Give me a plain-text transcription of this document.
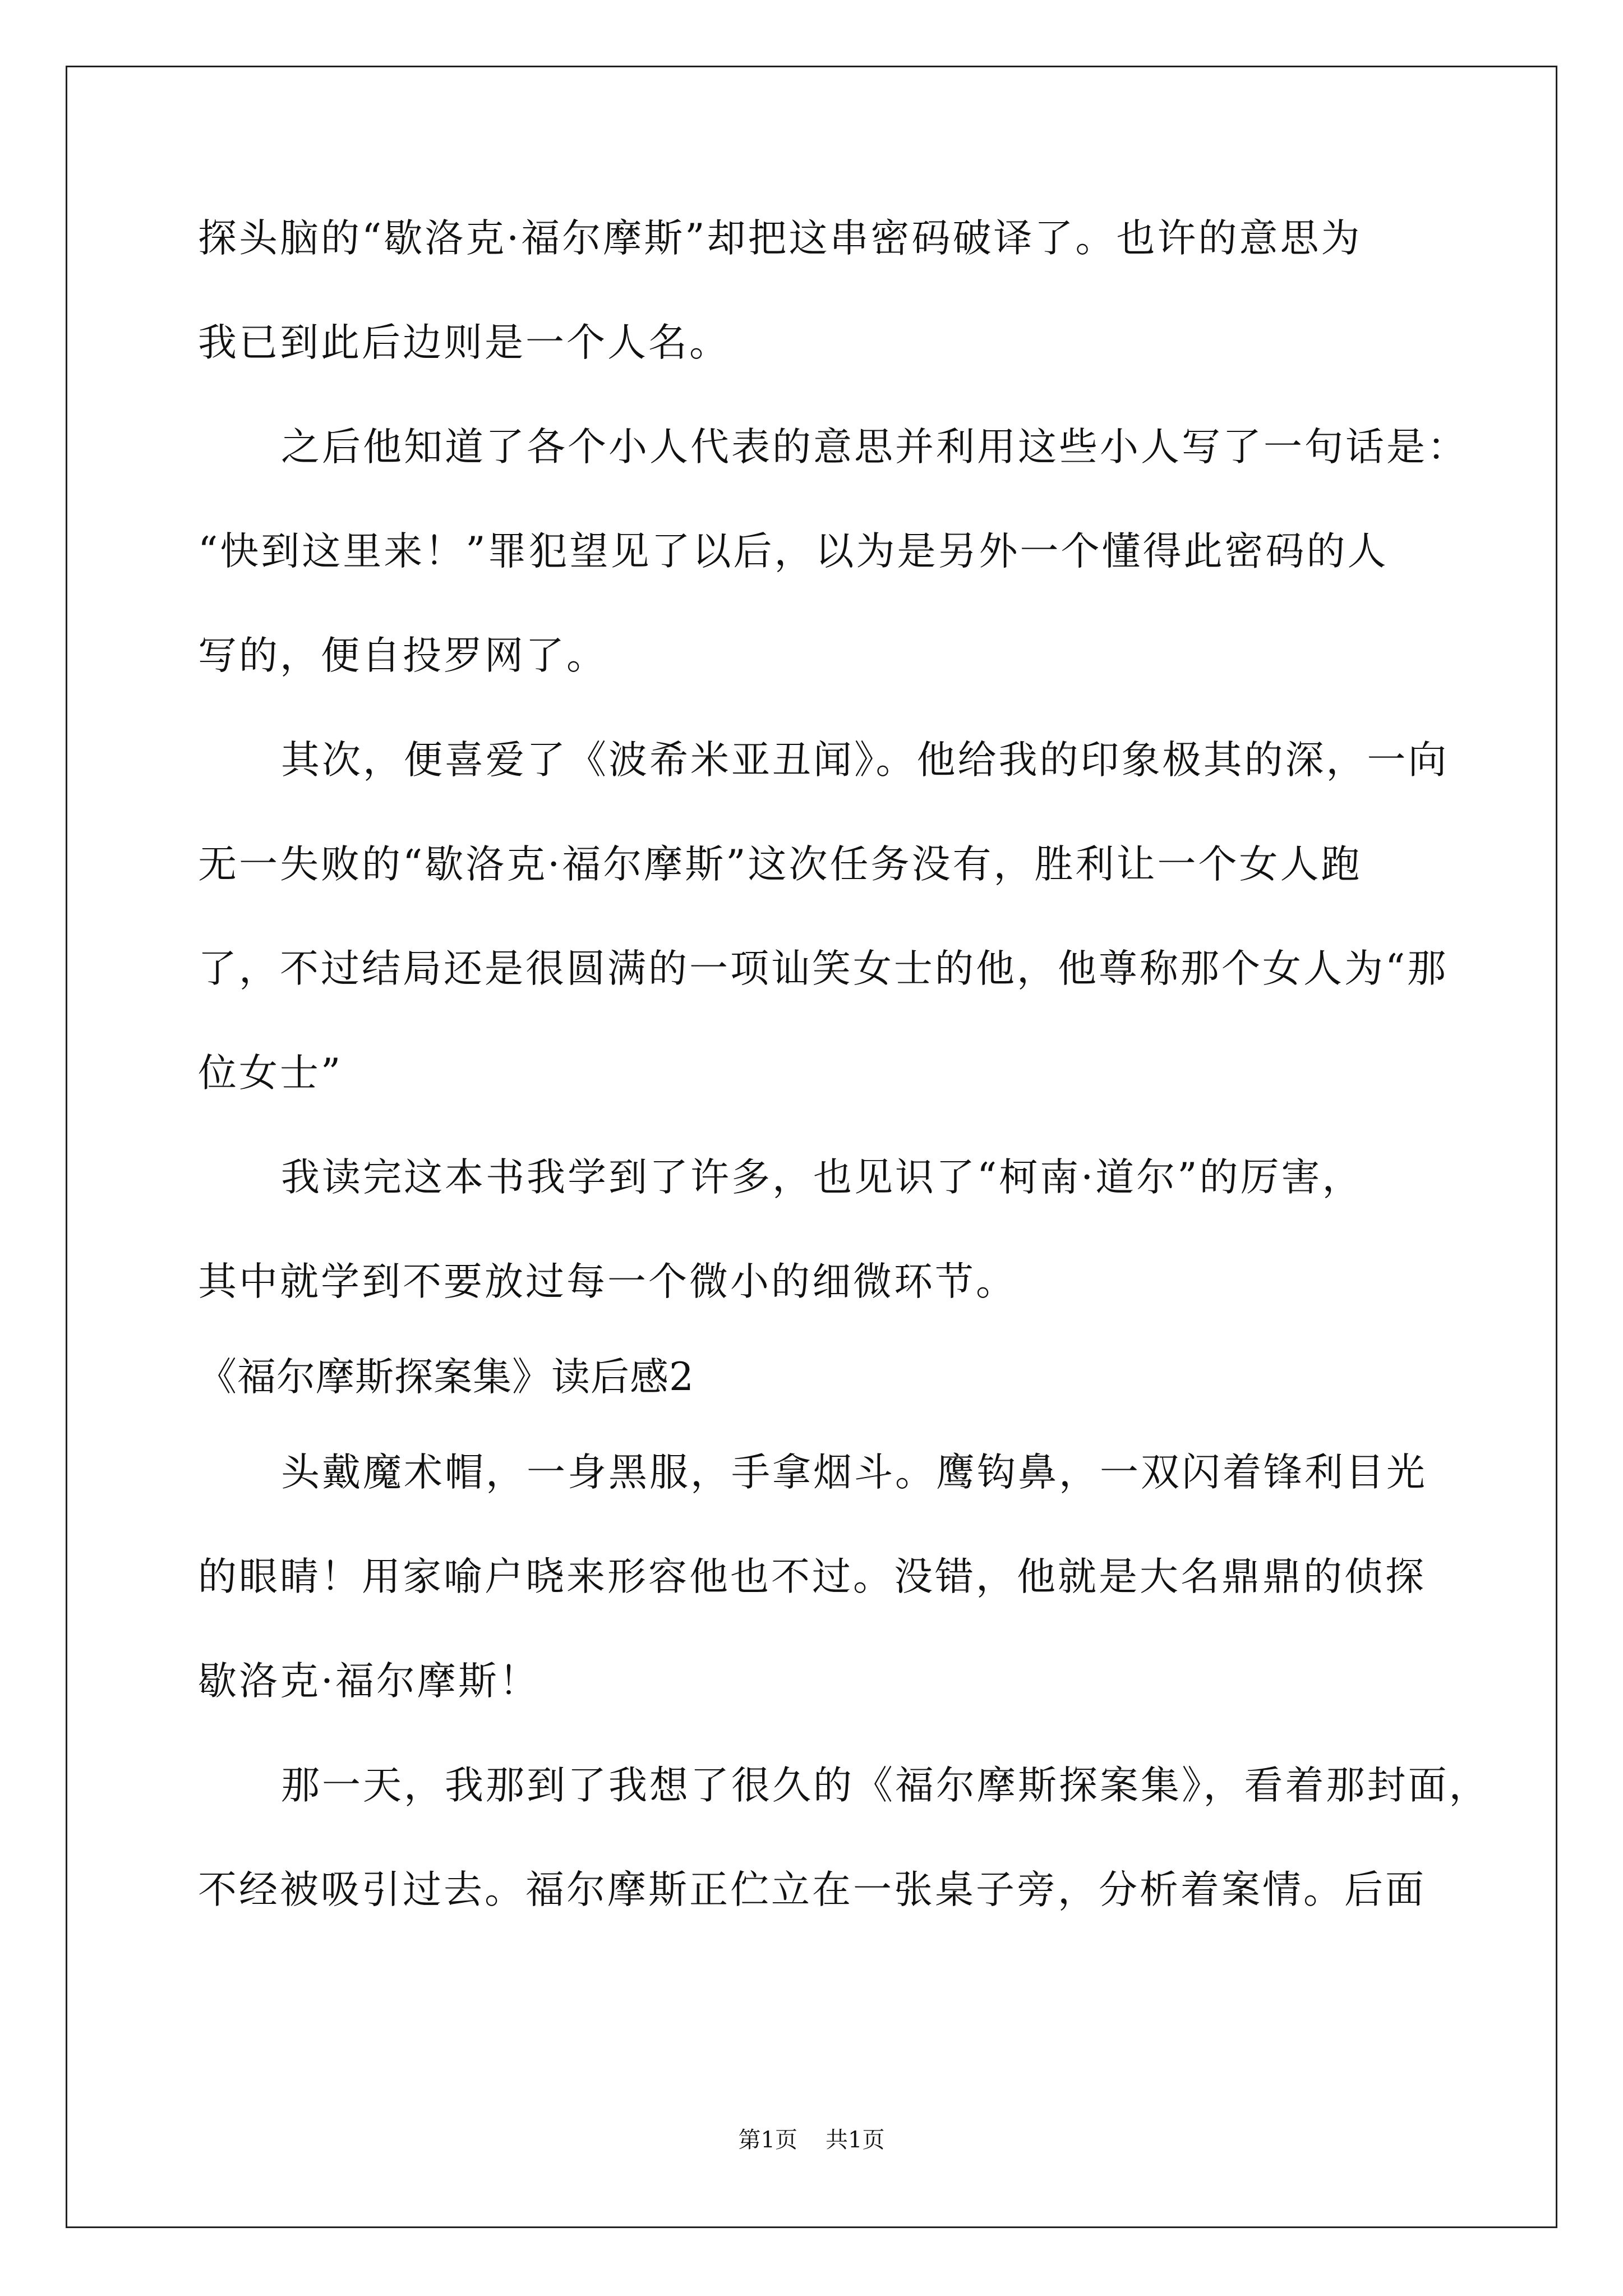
探头脑的“歇洛克·福尔摩斯”却把这串密码破译了。也许的意思为
我已到此后边则是一个人名。
之后他知道了各个小人代表的意思并利用这些小人写了一句话是：
“快到这里来！”罪犯望见了以后，以为是另外一个懂得此密码的人
写的，便自投罗网了。
其次，便喜爱了《波希米亚丑闻》。他给我的印象极其的深，一向
无一失败的“歇洛克·福尔摩斯”这次任务没有，胜利让一个女人跑
了，不过结局还是很圆满的一项讪笑女士的他，他尊称那个女人为“那
位女士”
我读完这本书我学到了许多，也见识了“柯南·道尔”的厉害，
其中就学到不要放过每一个微小的细微环节。
《福尔摩斯探案集》读后感2
头戴魔术帽，一身黑服，手拿烟斗。鹰钩鼻，一双闪着锋利目光
的眼睛！用家喻户晓来形容他也不过。没错，他就是大名鼎鼎的侦探
歇洛克·福尔摩斯！
那一天，我那到了我想了很久的《福尔摩斯探案集》，看着那封面，
不经被吸引过去。福尔摩斯正伫立在一张桌子旁，分析着案情。后面
第1页 共1页
